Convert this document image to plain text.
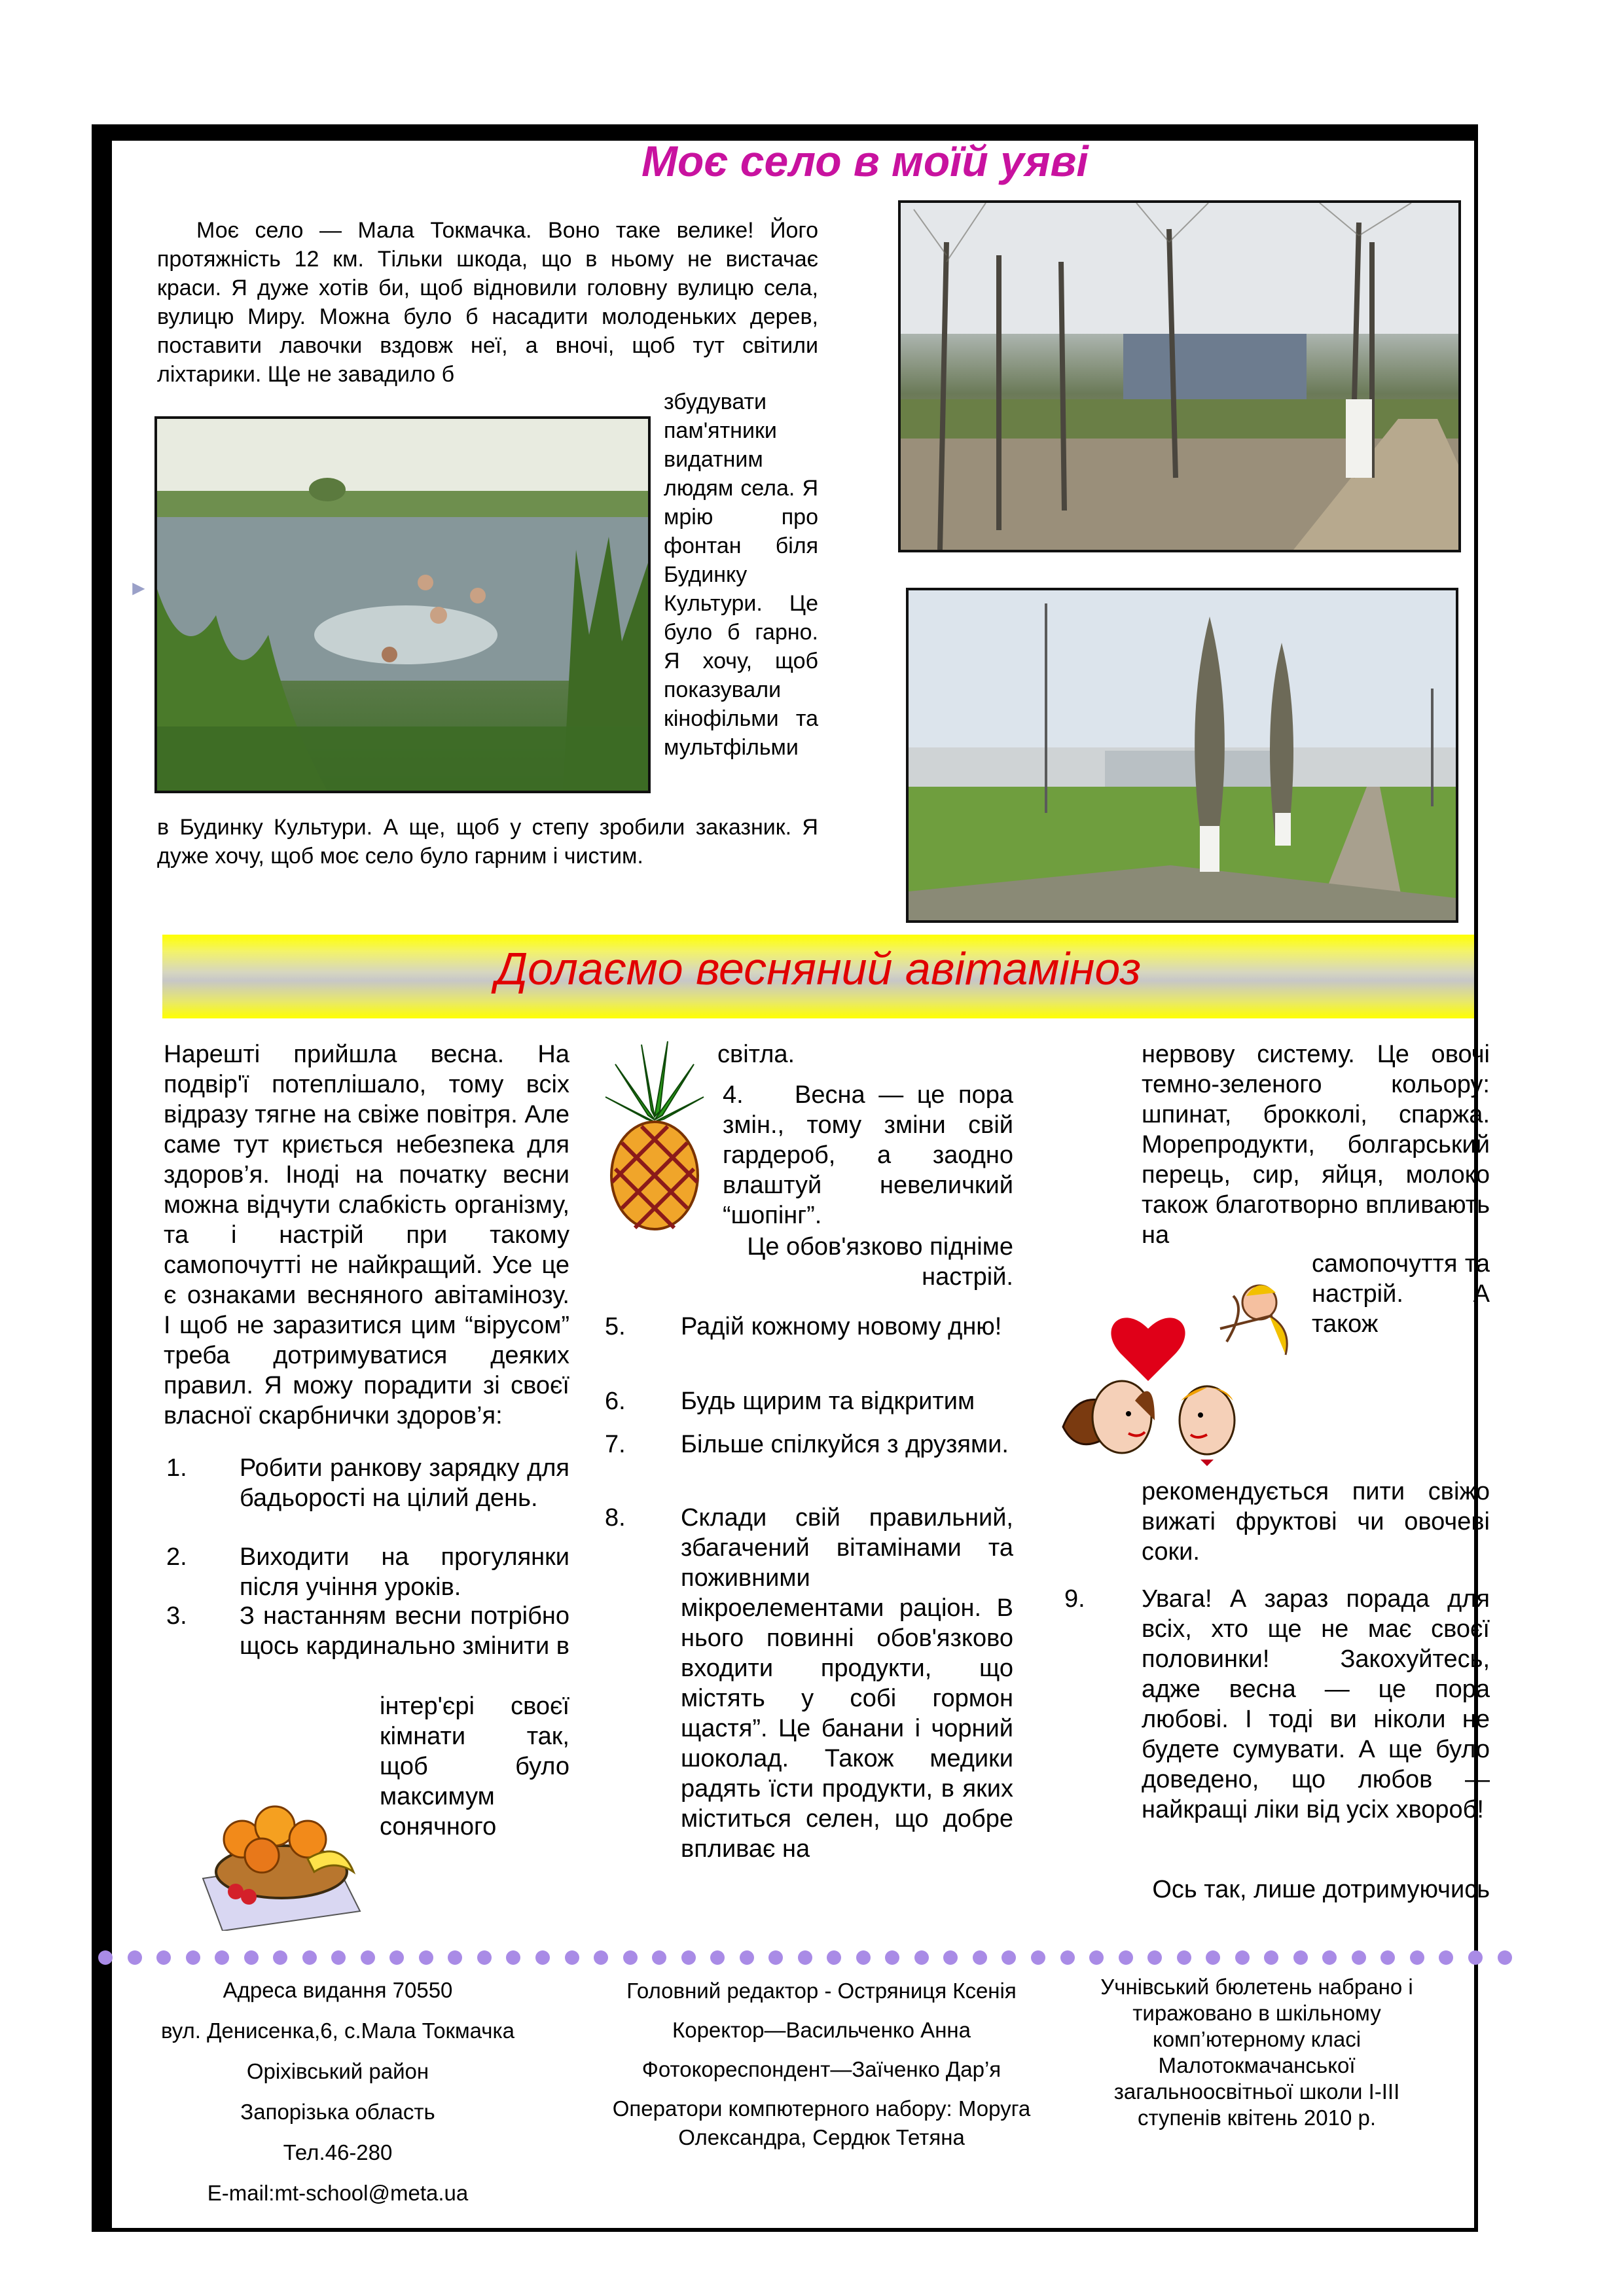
Моє село в моїй уяві
Моє село — Мала Токмачка. Воно таке велике! Його протяжність 12 км. Тільки шкода, що в ньому не вистачає краси. Я дуже хотів би, щоб відновили головну вулицю села, вулицю Миру. Можна було б насадити молоденьких дерев, поставити лавочки вздовж неї, а вночі, щоб тут світили ліхтарики. Ще не завадило б
збудувати пам'ятники видатним людям села. Я мрію про фонтан біля Будинку Культури. Це було б гарно. Я хочу, щоб показували кінофільми та мультфільми
в Будинку Культури. А ще, щоб у степу зробили заказник. Я дуже хочу, щоб моє село було гарним і чистим.
►
Долаємо весняний авітаміноз
Нарешті прийшла весна. На подвір'ї потеплішало, тому всіх відразу тягне на свіже повітря. Але саме тут криється небезпека для здоров’я. Іноді на початку весни можна відчути слабкість організму, та і настрій при такому самопочутті не найкращий. Усе це є ознаками весняного авітамінозу. І щоб не заразитися цим “вірусом” треба дотримуватися деяких правил. Я можу порадити зі своєї власної скарбнички здоров’я:
1. Робити ранкову зарядку для бадьорості на цілий день.
2. Виходити на прогулянки після учіння уроків.
3. З настанням весни потрібно щось кардинально змінити в
інтер'єрі своєї кімнати так, щоб було максимум сонячного
світла.
4. Весна — це пора змін., тому зміни свій гардероб, а заодно влаштуй невеличкий “шопінг”.
Це обов'язково підніме настрій.
5. Радій кожному новому дню!
6. Будь щирим та відкритим
7. Більше спілкуйся з друзями.
8. Склади свій правильний, збагачений вітамінами та поживними мікроелементами раціон. В нього повинні обов'язково входити продукти, що містять у собі гормон щастя”. Це банани і чорний шоколад. Також медики радять їсти продукти, в яких міститься селен, що добре впливає на
нервову систему. Це овочі темно-зеленого кольору: шпинат, брокколі, спаржа. Морепродукти, болгарський перець, сир, яйця, молоко також благотворно впливають на
самопочуття та настрій. А також
рекомендується пити свіжо вижаті фруктові чи овочеві соки.
9. Увага! А зараз порада для всіх, хто ще не має своєї половинки! Закохуйтесь, адже весна — це пора любові. І тоді ви ніколи не будете сумувати. А ще було доведено, що любов — найкращі ліки від усіх хвороб!
Ось так, лише дотримуючись
Адреса видання 70550
вул. Денисенка,6, с.Мала Токмачка
Оріхівський район
Запорізька область
Тел.46-280
E-mail:mt-school@meta.ua
Головний редактор - Остряниця Ксенія
Коректор—Васильченко Анна
Фотокореспондент—Заїченко Дар’я
Оператори компютерного набору: Моруга Олександра, Сердюк Тетяна
Учнівський бюлетень набрано і тиражовано в шкільному комп’ютерному класі Малотокмачанської загальноосвітньої школи І-ІІІ ступенів квітень 2010 р.
